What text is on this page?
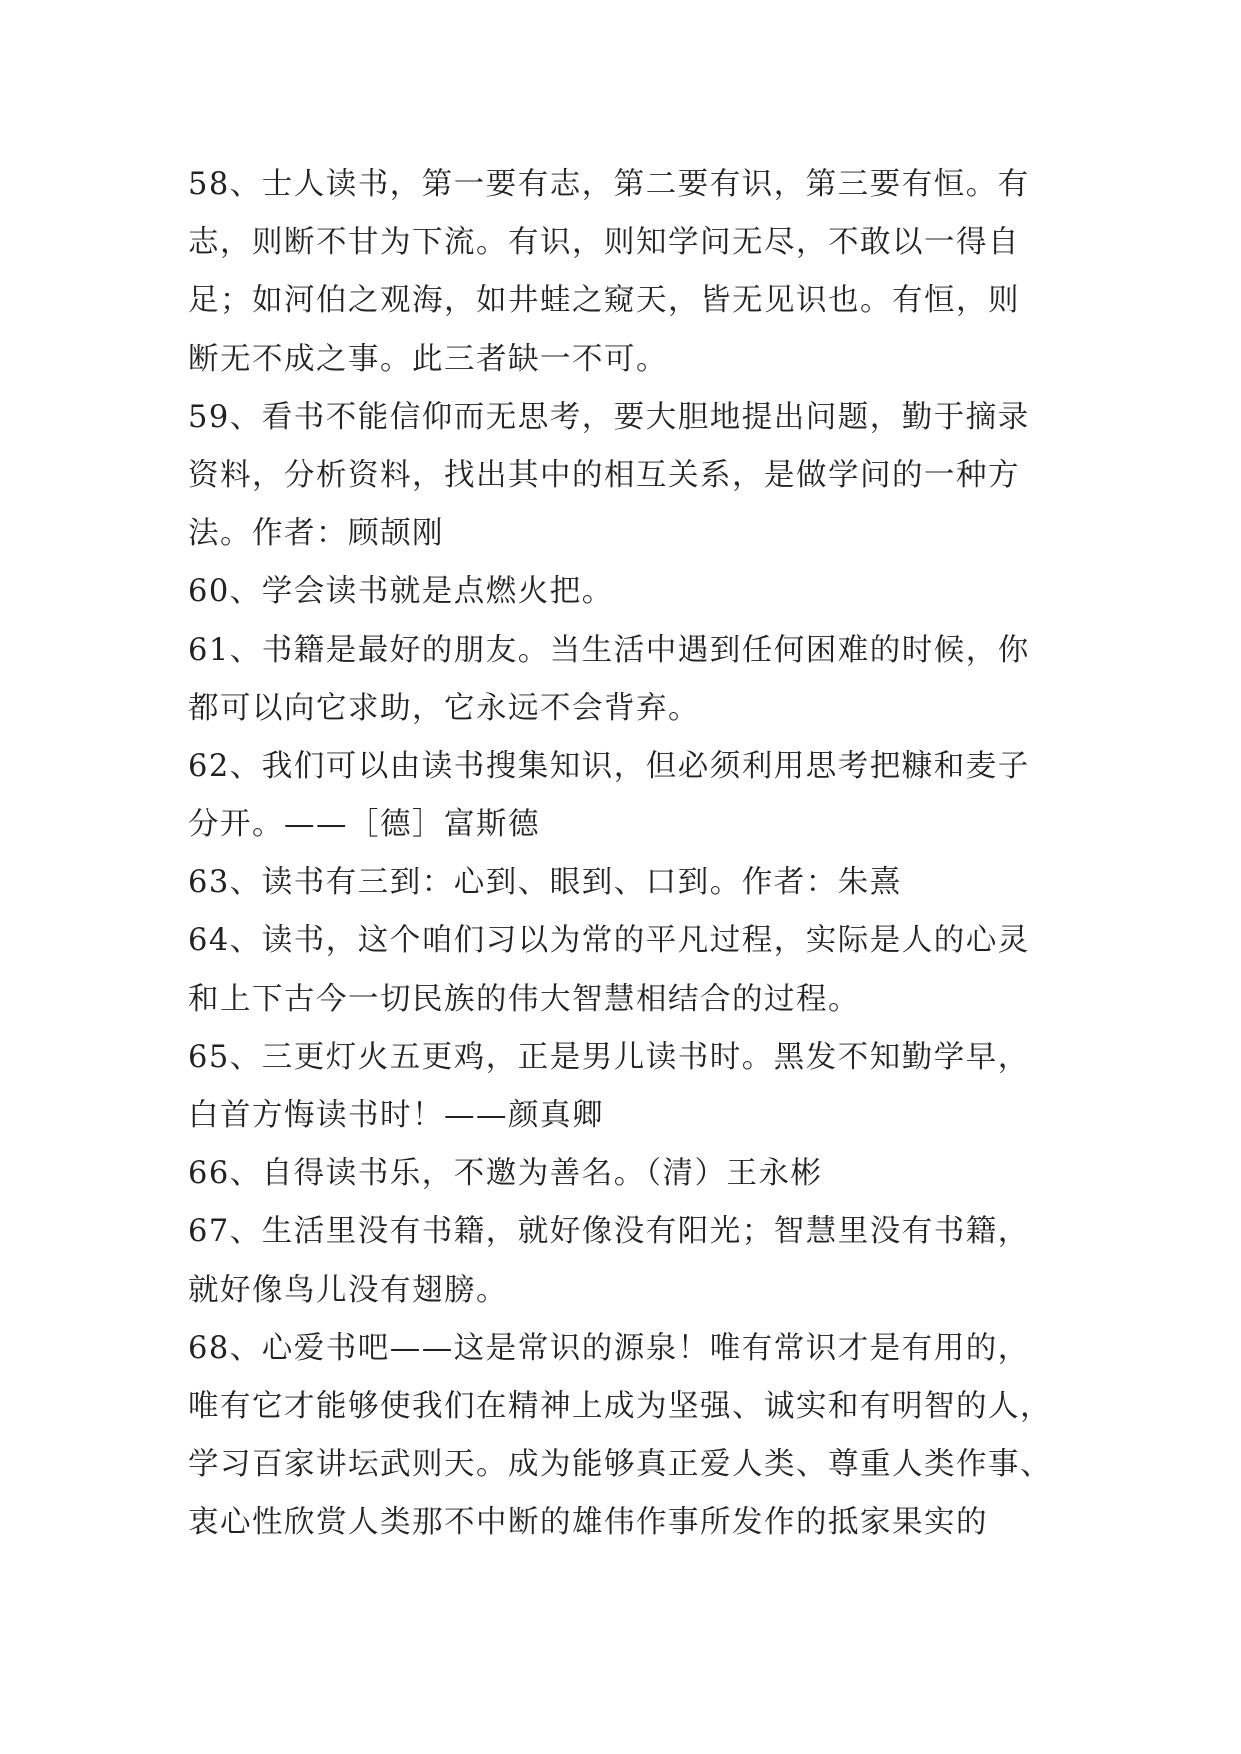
58、士人读书，第一要有志，第二要有识，第三要有恒。有
志，则断不甘为下流。有识，则知学问无尽，不敢以一得自
足；如河伯之观海，如井蛙之窥天，皆无见识也。有恒，则
断无不成之事。此三者缺一不可。
59、看书不能信仰而无思考，要大胆地提出问题，勤于摘录
资料，分析资料，找出其中的相互关系，是做学问的一种方
法。作者：顾颉刚
60、学会读书就是点燃火把。
61、书籍是最好的朋友。当生活中遇到任何困难的时候，你
都可以向它求助，它永远不会背弃。
62、我们可以由读书搜集知识，但必须利用思考把糠和麦子
分开。——［德］富斯德
63、读书有三到：心到、眼到、口到。作者：朱熹
64、读书，这个咱们习以为常的平凡过程，实际是人的心灵
和上下古今一切民族的伟大智慧相结合的过程。
65、三更灯火五更鸡，正是男儿读书时。黑发不知勤学早，
白首方悔读书时！——颜真卿
66、自得读书乐，不邀为善名。（清）王永彬
67、生活里没有书籍，就好像没有阳光；智慧里没有书籍，
就好像鸟儿没有翅膀。
68、心爱书吧——这是常识的源泉！唯有常识才是有用的，
唯有它才能够使我们在精神上成为坚强、诚实和有明智的人，
学习百家讲坛武则天。成为能够真正爱人类、尊重人类作事、
衷心性欣赏人类那不中断的雄伟作事所发作的抵家果实的
